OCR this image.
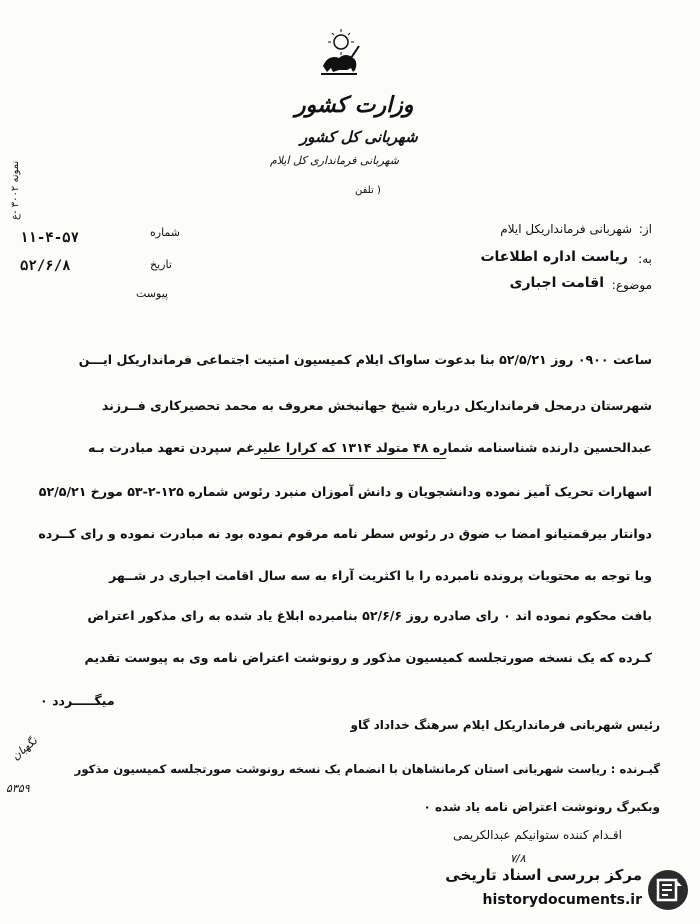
نمونه ۳۰۰۲ -ع
وزارت کشور
شهربانی کل کشور
شهربانی فرمانداری کل ایلام
( تلفن
شماره
۱۱-۴-۵۷
تاریخ
۵۲/۶/۸
پیوست
از:
شهربانی فرمانداریکل ایلام
به:
ریاست اداره اطلاعات
موضوع:
اقامت اجباری
ساعت ۰۹۰۰ روز ۵۲/۵/۲۱ بنا بدعوت ساواک ایلام کمیسیون امنیت اجتماعی فرمانداریکل ایـــن
شهرستان درمحل فرمانداریکل درباره شیخ جهانبخش معروف به محمد تحصیرکاری فــرزند
عبدالحسین دارنده شناسنامه شماره ۴۸ متولد ۱۳۱۴ که کرارا علیرغم سپردن تعهد مبادرت بـه
اسهارات تحریک آمیز نموده ودانشجویان و دانش آموزان منبرد رئوس شماره ۱۲۵-۲-۵۳ مورخ ۵۲/۵/۲۱
دوانتار بیرقمتیانو امضا ب ضوق در رئوس سطر نامه مرقوم نموده بود نه مبادرت نموده و رای کــرده
وبا توجه به محتویات پرونده نامبرده را با اکثریت آراء به سه سال اقامت اجباری در شــهر
بافت محکوم نموده اند ۰ رای صادره روز ۵۲/۶/۶ بنامبرده ابلاغ یاد شده به رای مذکور اعتراض
کـرده که یک نسخه صورتجلسه کمیسیون مذکور و رونوشت اعتراض نامه وی به پیوست تقدیم
میگـــــردد ۰
رئیس شهربانی فرمانداریکل ایلام سرهنگ خداداد گاو
نگهبان
۵۳۵۹
گیـرنده : ریاست شهربانی استان کرمانشاهان با انضمام یک نسخه رونوشت صورتجلسه کمیسیون مذکور
وبکبرگ رونوشت اعتراض نامه یاد شده ۰
اقـدام کننده ستوانیکم عبدالکریمی
۷/۸
مرکز بررسی اسناد تاریخی
historydocuments.ir
